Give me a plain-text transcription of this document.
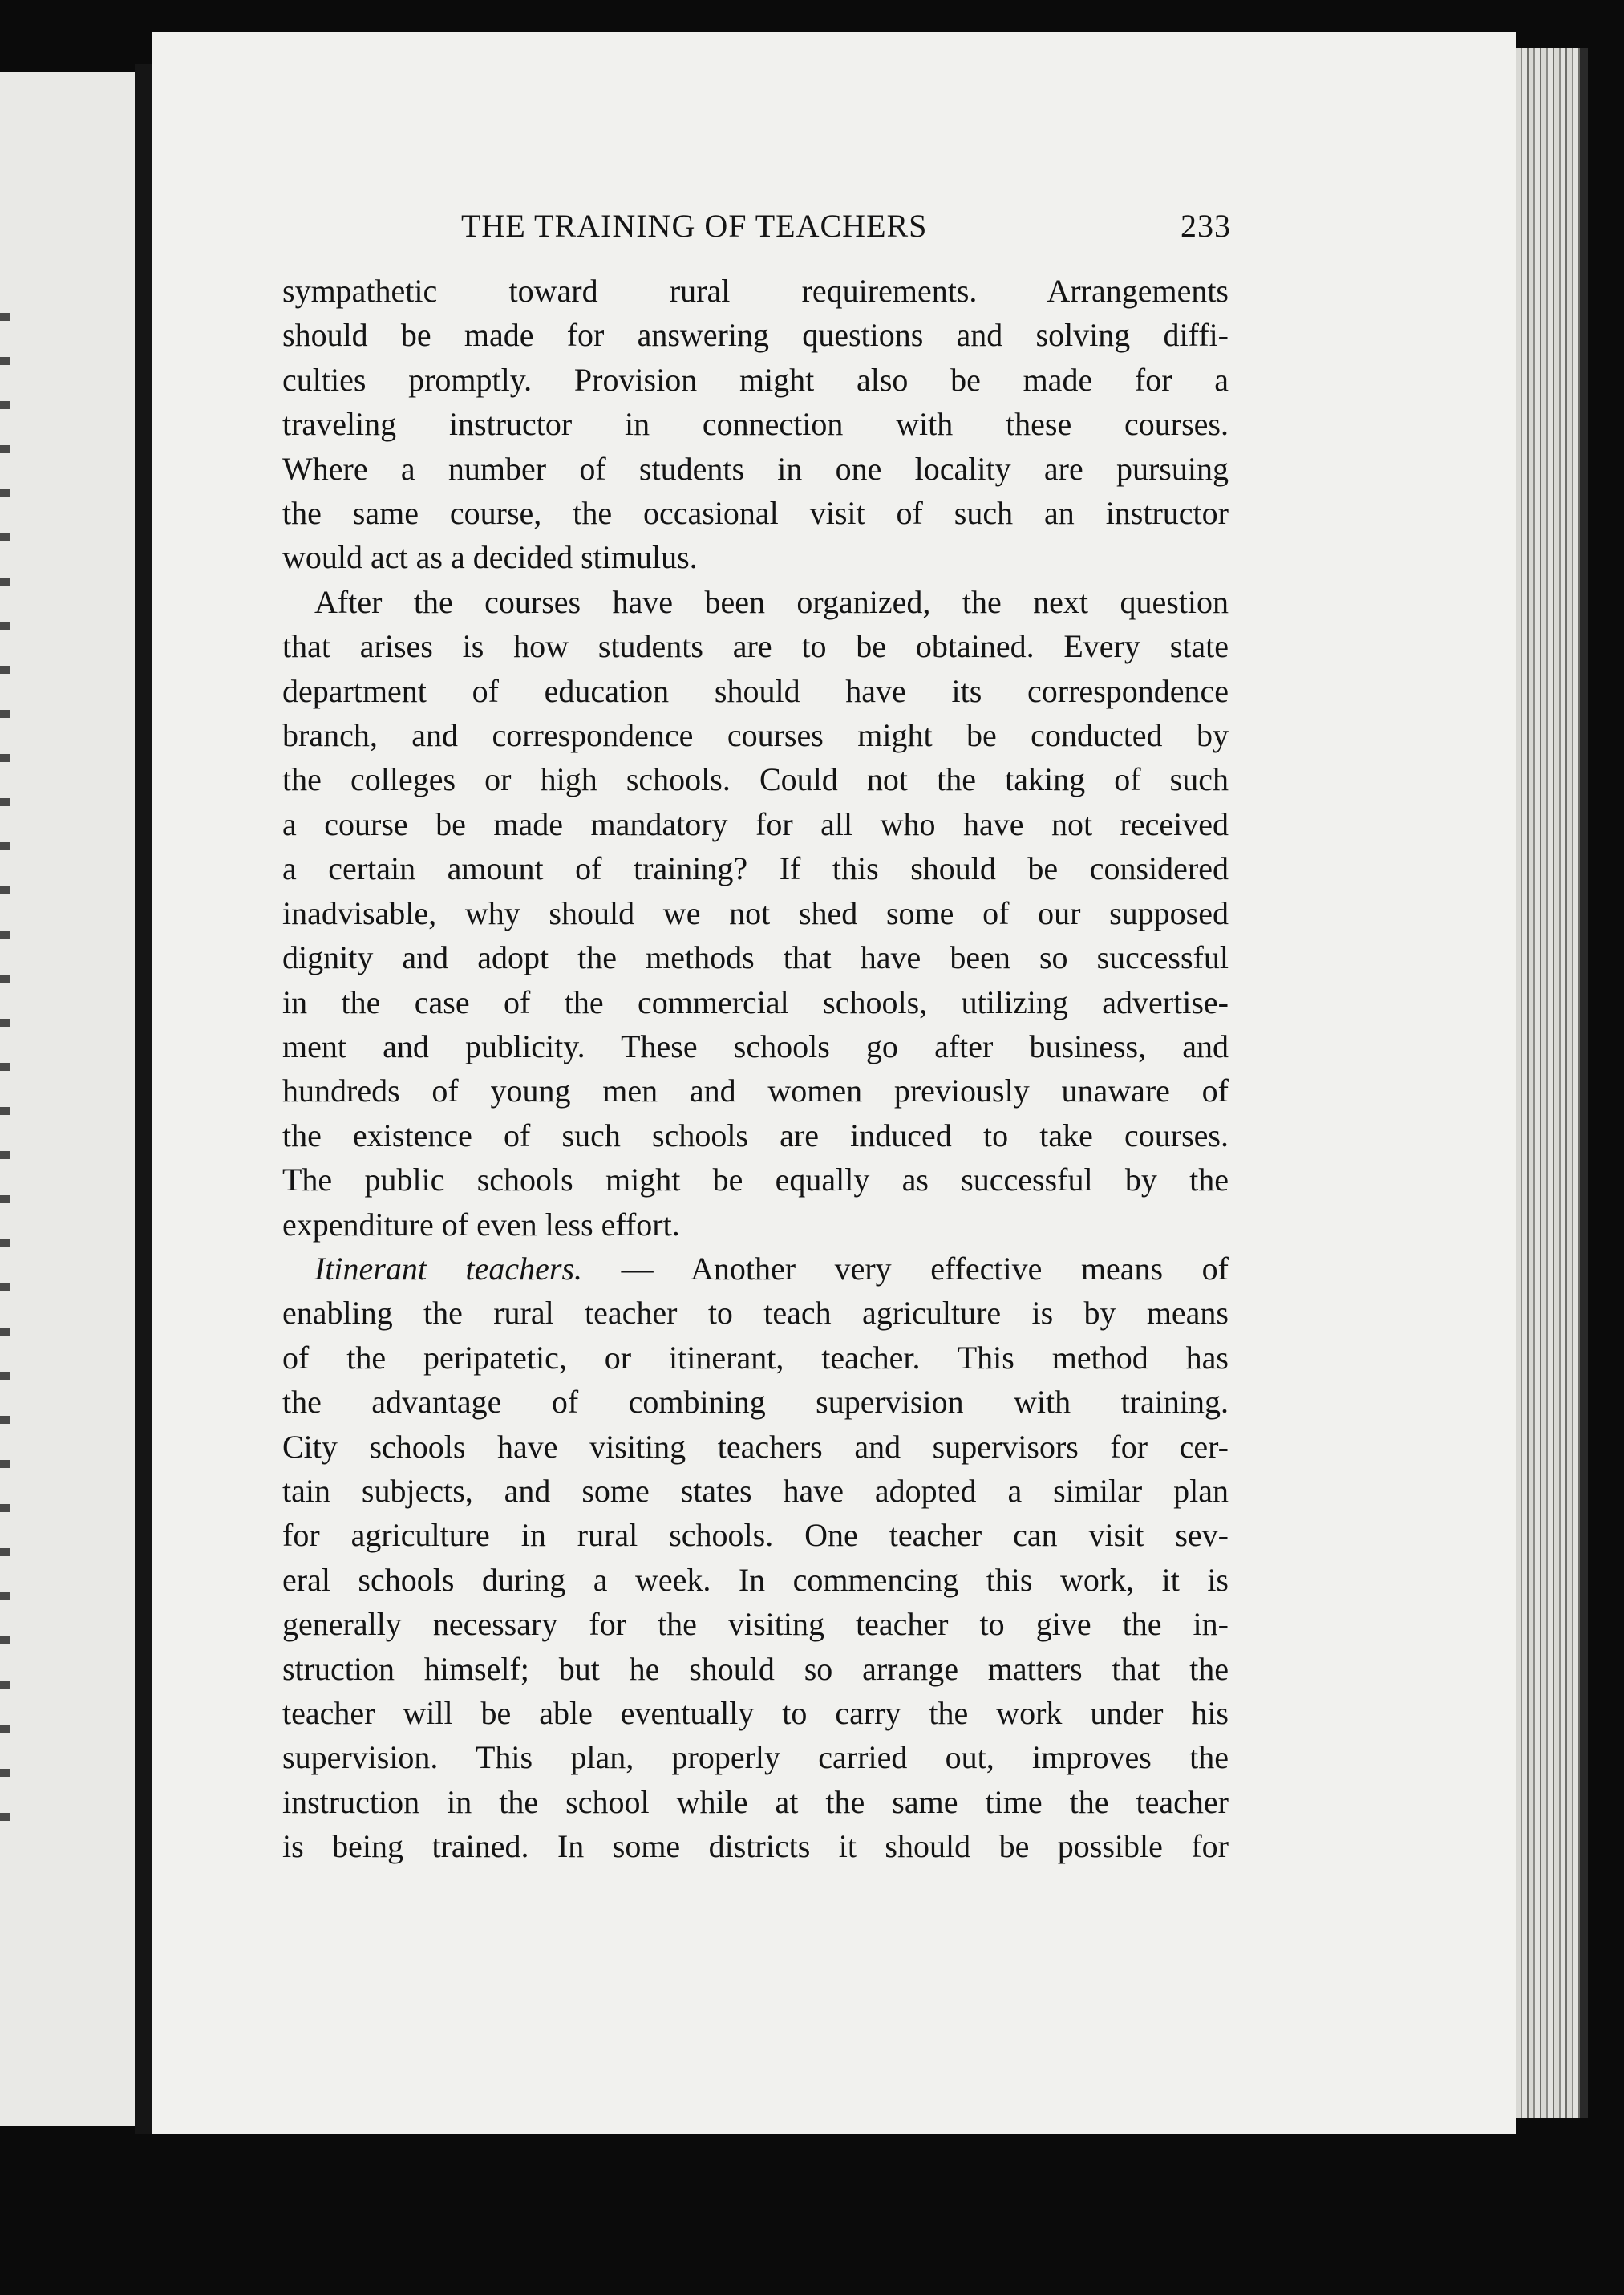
THE TRAINING OF TEACHERS	233
sympathetic toward rural requirements. Arrangements
should be made for answering questions and solving diffi-
culties promptly. Provision might also be made for a
traveling instructor in connection with these courses.
Where a number of students in one locality are pursuing
the same course, the occasional visit of such an instructor
would act as a decided stimulus.
After the courses have been organized, the next question
that arises is how students are to be obtained. Every state
department of education should have its correspondence
branch, and correspondence courses might be conducted by
the colleges or high schools. Could not the taking of such
a course be made mandatory for all who have not received
a certain amount of training? If this should be considered
inadvisable, why should we not shed some of our supposed
dignity and adopt the methods that have been so successful
in the case of the commercial schools, utilizing advertise-
ment and publicity. These schools go after business, and
hundreds of young men and women previously unaware of
the existence of such schools are induced to take courses.
The public schools might be equally as successful by the
expenditure of even less effort.
Itinerant teachers. — Another very effective means of
enabling the rural teacher to teach agriculture is by means
of the peripatetic, or itinerant, teacher. This method has
the advantage of combining supervision with training.
City schools have visiting teachers and supervisors for cer-
tain subjects, and some states have adopted a similar plan
for agriculture in rural schools. One teacher can visit sev-
eral schools during a week. In commencing this work, it is
generally necessary for the visiting teacher to give the in-
struction himself; but he should so arrange matters that the
teacher will be able eventually to carry the work under his
supervision. This plan, properly carried out, improves the
instruction in the school while at the same time the teacher
is being trained. In some districts it should be possible for
